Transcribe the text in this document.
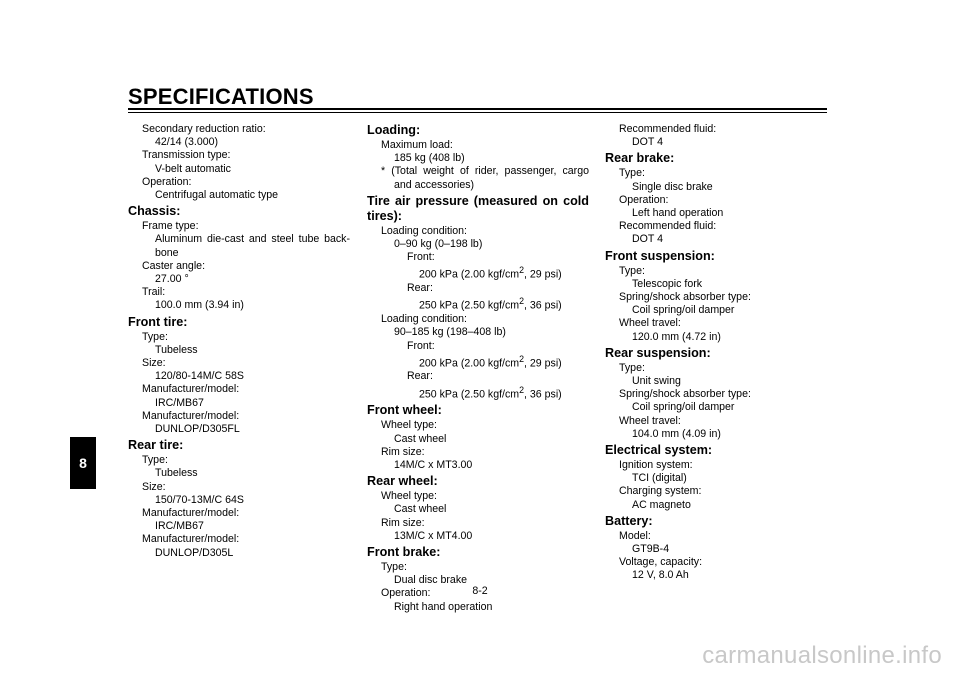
SPECIFICATIONS
8
Secondary reduction ratio:
42/14 (3.000)
Transmission type:
V-belt automatic
Operation:
Centrifugal automatic type
Chassis:
Frame type:
Aluminum die-cast and steel tube back-bone
Caster angle:
27.00 °
Trail:
100.0 mm (3.94 in)
Front tire:
Type:
Tubeless
Size:
120/80-14M/C 58S
Manufacturer/model:
IRC/MB67
Manufacturer/model:
DUNLOP/D305FL
Rear tire:
Type:
Tubeless
Size:
150/70-13M/C 64S
Manufacturer/model:
IRC/MB67
Manufacturer/model:
DUNLOP/D305L
Loading:
Maximum load:
185 kg (408 lb)
* (Total weight of rider, passenger, cargo and accessories)
Tire air pressure (measured on cold tires):
Loading condition:
0–90 kg (0–198 lb)
Front:
200 kPa (2.00 kgf/$cm^2$, 29 psi)
Rear:
250 kPa (2.50 kgf/$cm^2$, 36 psi)
Loading condition:
90–185 kg (198–408 lb)
Front:
200 kPa (2.00 kgf/$cm^2$, 29 psi)
Rear:
250 kPa (2.50 kgf/$cm^2$, 36 psi)
Front wheel:
Wheel type:
Cast wheel
Rim size:
14M/C x MT3.00
Rear wheel:
Wheel type:
Cast wheel
Rim size:
13M/C x MT4.00
Front brake:
Type:
Dual disc brake
Operation:
Right hand operation
Recommended fluid:
DOT 4
Rear brake:
Type:
Single disc brake
Operation:
Left hand operation
Recommended fluid:
DOT 4
Front suspension:
Type:
Telescopic fork
Spring/shock absorber type:
Coil spring/oil damper
Wheel travel:
120.0 mm (4.72 in)
Rear suspension:
Type:
Unit swing
Spring/shock absorber type:
Coil spring/oil damper
Wheel travel:
104.0 mm (4.09 in)
Electrical system:
Ignition system:
TCI (digital)
Charging system:
AC magneto
Battery:
Model:
GT9B-4
Voltage, capacity:
12 V, 8.0 Ah
8-2
carmanualsonline.info
